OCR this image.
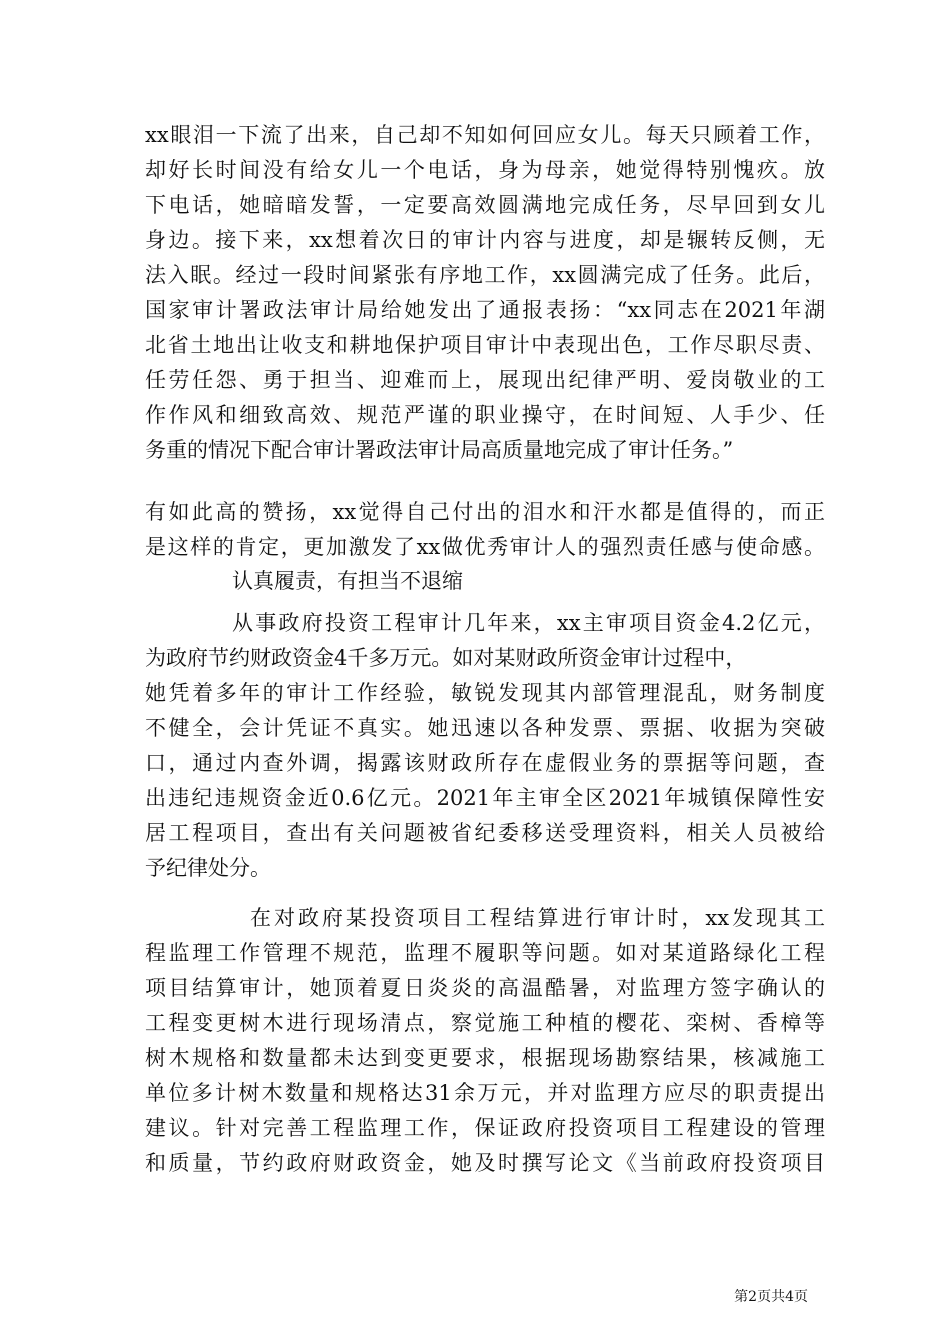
xx眼泪一下流了出来，自己却不知如何回应女儿。每天只顾着工作，
却好长时间没有给女儿一个电话，身为母亲，她觉得特别愧疚。放
下电话，她暗暗发誓，一定要高效圆满地完成任务，尽早回到女儿
身边。接下来，xx想着次日的审计内容与进度，却是辗转反侧，无
法入眠。经过一段时间紧张有序地工作，xx圆满完成了任务。此后，
国家审计署政法审计局给她发出了通报表扬：“xx同志在2021年湖
北省土地出让收支和耕地保护项目审计中表现出色，工作尽职尽责、
任劳任怨、勇于担当、迎难而上，展现出纪律严明、爱岗敬业的工
作作风和细致高效、规范严谨的职业操守，在时间短、人手少、任
务重的情况下配合审计署政法审计局高质量地完成了审计任务。”
有如此高的赞扬，xx觉得自己付出的泪水和汗水都是值得的，而正
是这样的肯定，更加激发了xx做优秀审计人的强烈责任感与使命感。
认真履责，有担当不退缩
从事政府投资工程审计几年来，xx主审项目资金4.2亿元，
为政府节约财政资金4千多万元。如对某财政所资金审计过程中，
她凭着多年的审计工作经验，敏锐发现其内部管理混乱，财务制度
不健全，会计凭证不真实。她迅速以各种发票、票据、收据为突破
口，通过内查外调，揭露该财政所存在虚假业务的票据等问题，查
出违纪违规资金近0.6亿元。2021年主审全区2021年城镇保障性安
居工程项目，查出有关问题被省纪委移送受理资料，相关人员被给
予纪律处分。
在对政府某投资项目工程结算进行审计时，xx发现其工
程监理工作管理不规范，监理不履职等问题。如对某道路绿化工程
项目结算审计，她顶着夏日炎炎的高温酷暑，对监理方签字确认的
工程变更树木进行现场清点，察觉施工种植的樱花、栾树、香樟等
树木规格和数量都未达到变更要求，根据现场勘察结果，核减施工
单位多计树木数量和规格达31余万元，并对监理方应尽的职责提出
建议。针对完善工程监理工作，保证政府投资项目工程建设的管理
和质量，节约政府财政资金，她及时撰写论文《当前政府投资项目
第2页共4页
